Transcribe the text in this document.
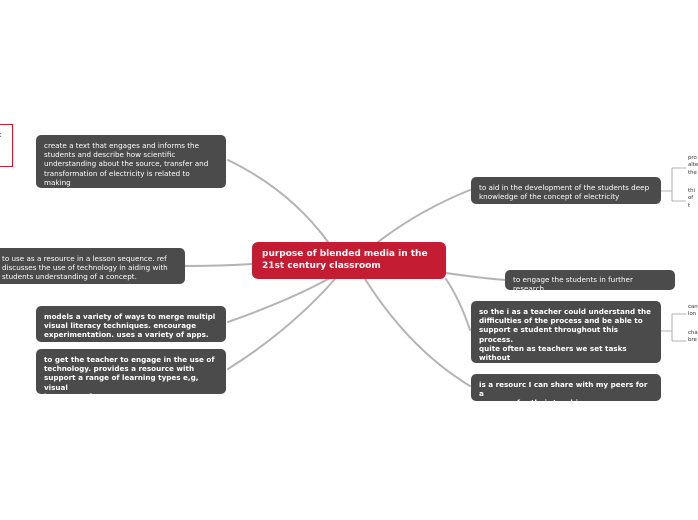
t
purpose of blended media in the
21st century classroom
create a text that engages and informs the
students and describe how scientific
understanding about the source, transfer and
transformation of electricity is related to making
decisions about it use.
to use as a resource in a lesson sequence. ref
discusses the use of technology in aiding with
students understanding of a concept.
models a variety of ways to merge multipl
visual literacy techniques. encourage
experimentation. uses a variety of apps.
to get the teacher to engage in the use of
technology. provides a resource with
support a range of learning types e,g, visual
learners ref
to aid in the development of the students deep
knowledge of the concept of electricity
to engage the students in further research.
so the i as a teacher could understand the
difficulties of the process and be able to
support e student throughout this process.
quite often as teachers we set tasks without
fully understanding the complications that

is a resourc I can share with my peers for a
resource for their teaching.
pro
alte
the
thi
of t
can
lon
cha
bre
